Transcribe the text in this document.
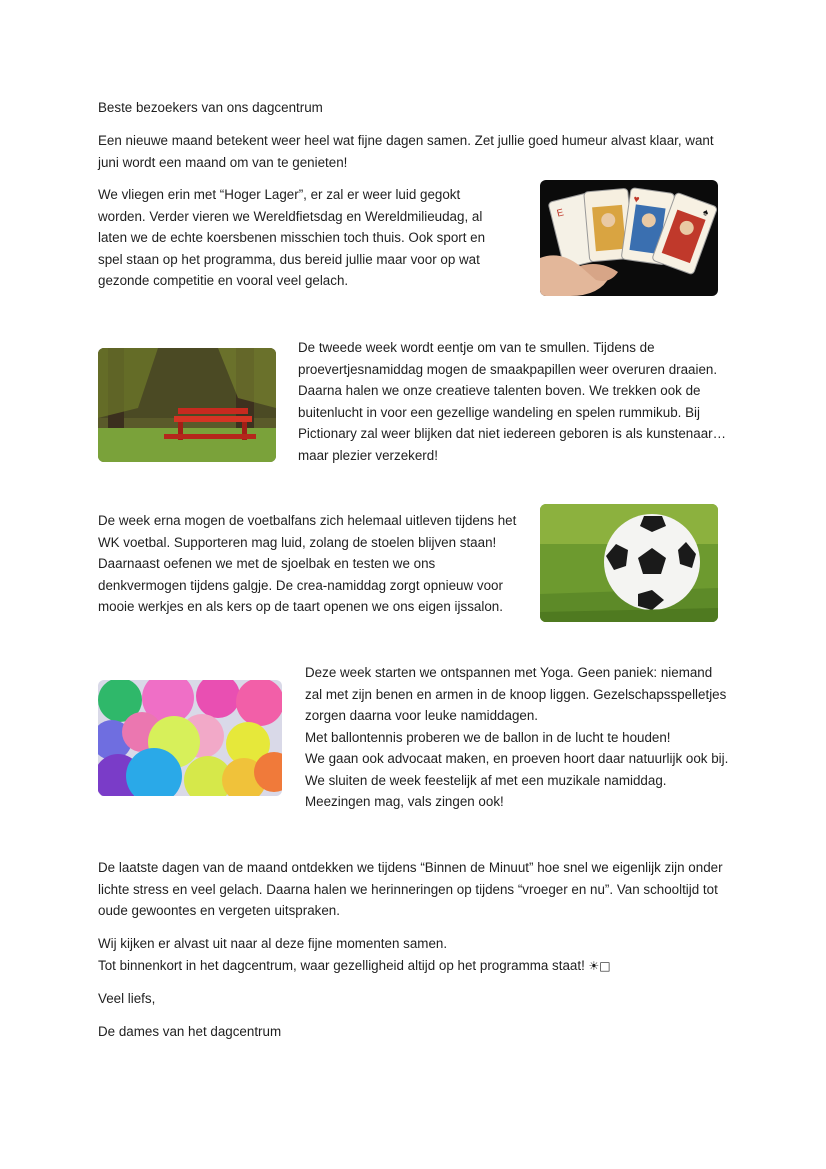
Beste bezoekers van ons dagcentrum

Een nieuwe maand betekent weer heel wat fijne dagen samen. Zet jullie goed humeur alvast klaar, want juni wordt een maand om van te genieten!

We vliegen erin met “Hoger Lager”, er zal er weer luid gegokt worden. Verder vieren we Wereldfietsdag en Wereldmilieudag, al laten we de echte koersbenen misschien toch thuis. Ook sport en spel staan op het programma, dus bereid jullie maar voor op wat gezonde competitie en vooral veel gelach.

E
♥
♠

De tweede week wordt eentje om van te smullen. Tijdens de proevertjesnamiddag mogen de smaakpapillen weer overuren draaien. Daarna halen we onze creatieve talenten boven. We trekken ook de buitenlucht in voor een gezellige wandeling en spelen rummikub. Bij Pictionary zal weer blijken dat niet iedereen geboren is als kunstenaar… maar plezier verzekerd!

De week erna mogen de voetbalfans zich helemaal uitleven tijdens het WK voetbal. Supporteren mag luid, zolang de stoelen blijven staan! Daarnaast oefenen we met de sjoelbak en testen we ons denkvermogen tijdens galgje. De crea-namiddag zorgt opnieuw voor mooie werkjes en als kers op de taart openen we ons eigen ijssalon.

Deze week starten we ontspannen met Yoga. Geen paniek: niemand zal met zijn benen en armen in de knoop liggen. Gezelschapsspelletjes zorgen daarna voor leuke namiddagen.
Met ballontennis proberen we de ballon in de lucht te houden!
We gaan ook advocaat maken, en proeven hoort daar natuurlijk ook bij. We sluiten de week feestelijk af met een muzikale namiddag. Meezingen mag, vals zingen ook!

De laatste dagen van de maand ontdekken we tijdens “Binnen de Minuut” hoe snel we eigenlijk zijn onder lichte stress en veel gelach. Daarna halen we herinneringen op tijdens “vroeger en nu”. Van schooltijd tot oude gewoontes en vergeten uitspraken.

Wij kijken er alvast uit naar al deze fijne momenten samen.
Tot binnenkort in het dagcentrum, waar gezelligheid altijd op het programma staat! ☀□

Veel liefs,

De dames van het dagcentrum
